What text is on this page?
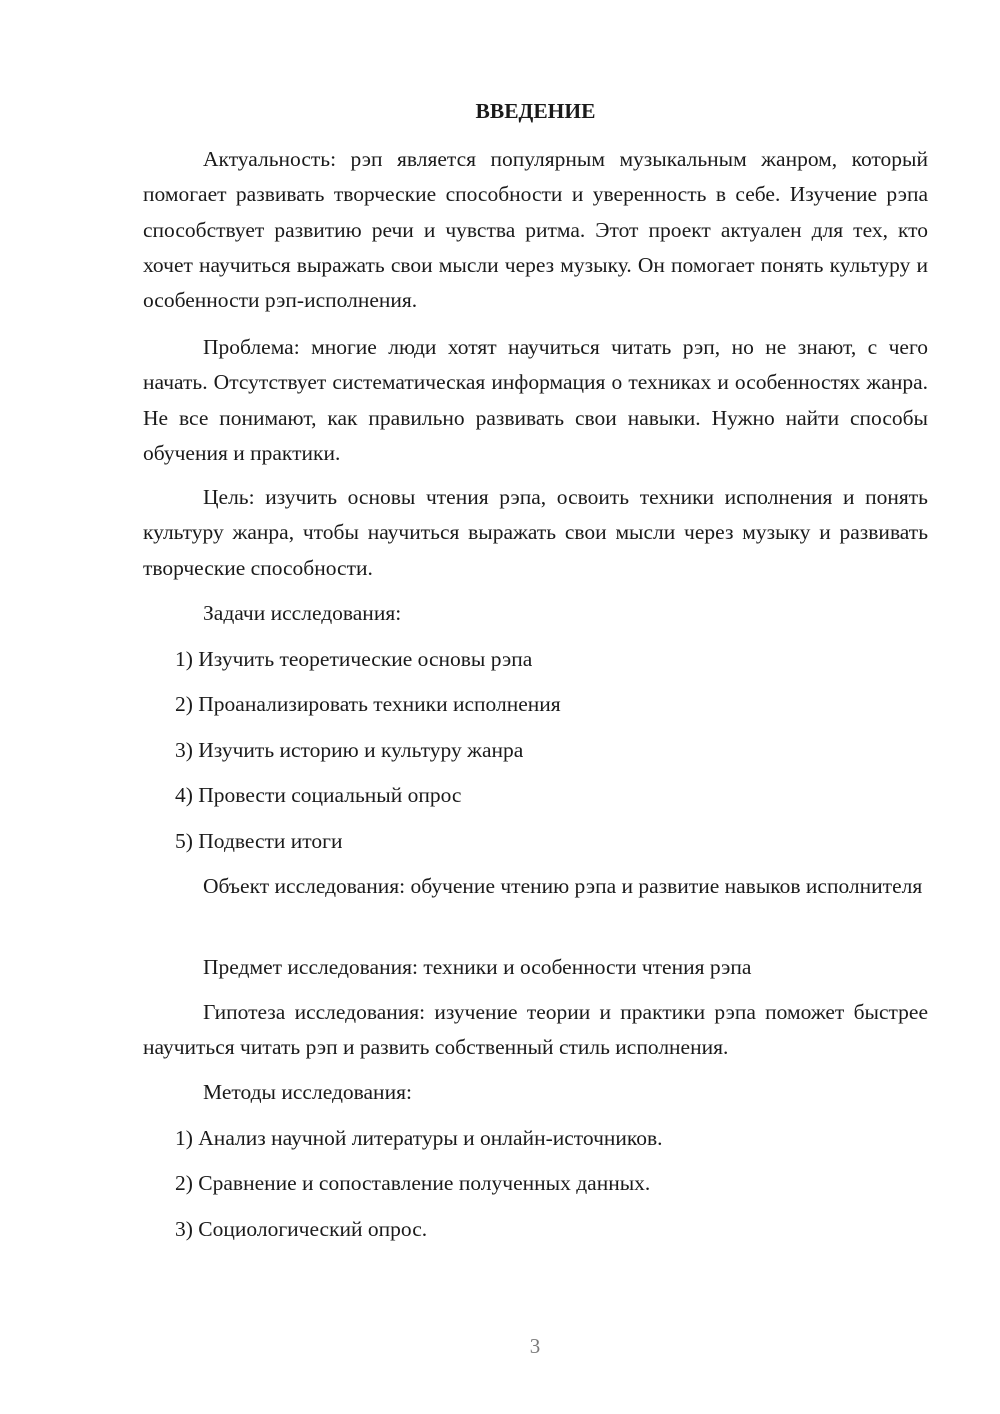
ВВЕДЕНИЕ

Актуальность: рэп является популярным музыкальным жанром, который помогает развивать творческие способности и уверенность в себе. Изучение рэпа способствует развитию речи и чувства ритма. Этот проект актуален для тех, кто хочет научиться выражать свои мысли через музыку. Он помогает понять культуру и особенности рэп-исполнения.

Проблема: многие люди хотят научиться читать рэп, но не знают, с чего начать. Отсутствует систематическая информация о техниках и особенностях жанра. Не все понимают, как правильно развивать свои навыки. Нужно найти способы обучения и практики.

Цель: изучить основы чтения рэпа, освоить техники исполнения и понять культуру жанра, чтобы научиться выражать свои мысли через музыку и развивать творческие способности.

Задачи исследования:

1) Изучить теоретические основы рэпа

2) Проанализировать техники исполнения

3) Изучить историю и культуру жанра

4) Провести социальный опрос

5) Подвести итоги

Объект исследования: обучение чтению рэпа и развитие навыков исполнителя

Предмет исследования: техники и особенности чтения рэпа

Гипотеза исследования: изучение теории и практики рэпа поможет быстрее научиться читать рэп и развить собственный стиль исполнения.

Методы исследования:

1) Анализ научной литературы и онлайн-источников.

2) Сравнение и сопоставление полученных данных.

3) Социологический опрос.

3
